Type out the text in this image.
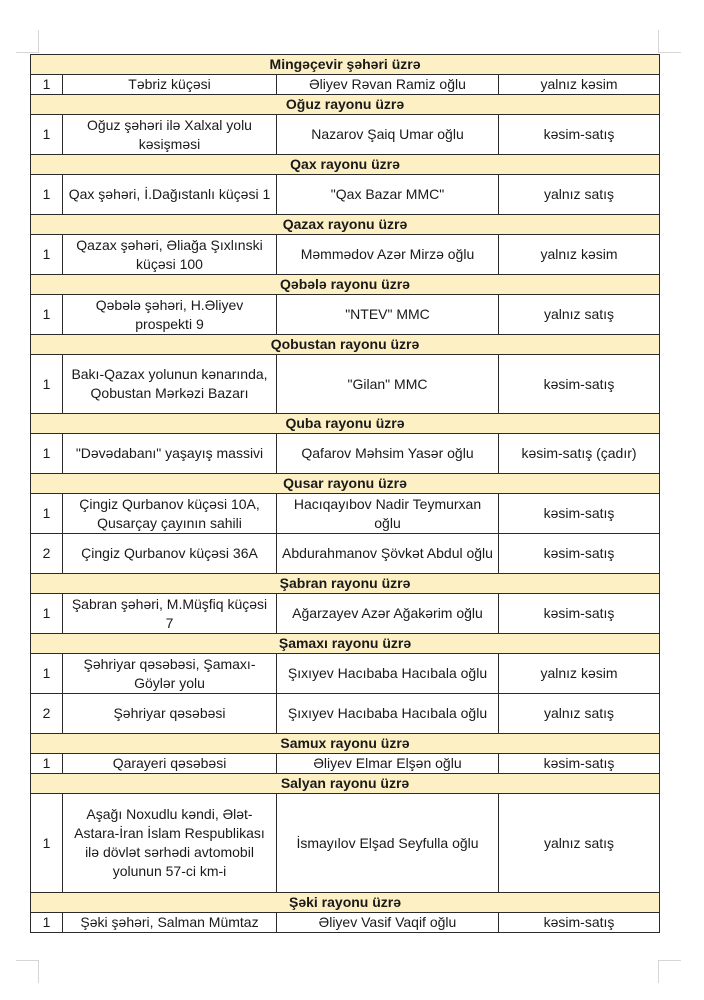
Mingəçevir şəhəri üzrə			
1	Təbriz küçəsi	Əliyev Rəvan Ramiz oğlu	yalnız kəsim
Oğuz rayonu üzrə			
1	Oğuz şəhəri ilə Xalxal yolu kəsişməsi	Nazarov Şaiq Umar oğlu	kəsim-satış
Qax rayonu üzrə			
1	Qax şəhəri, İ.Dağıstanlı küçəsi 1	"Qax Bazar MMC"	yalnız satış
Qazax rayonu üzrə			
1	Qazax şəhəri, Əliağa Şıxlınski küçəsi 100	Məmmədov Azər Mirzə oğlu	yalnız kəsim
Qəbələ rayonu üzrə			
1	Qəbələ şəhəri, H.Əliyev prospekti 9	"NTEV" MMC	yalnız satış
Qobustan rayonu üzrə			
1	Bakı-Qazax yolunun kənarında, Qobustan Mərkəzi Bazarı	"Gilan" MMC	kəsim-satış
Quba rayonu üzrə			
1	"Dəvədabanı" yaşayış massivi	Qafarov Məhsim Yasər oğlu	kəsim-satış (çadır)
Qusar rayonu üzrə			
1	Çingiz Qurbanov küçəsi 10A, Qusarçay çayının sahili	Hacıqayıbov Nadir Teymurxan oğlu	kəsim-satış
2	Çingiz Qurbanov küçəsi 36A	Abdurahmanov Şövkət Abdul oğlu	kəsim-satış
Şabran rayonu üzrə			
1	Şabran şəhəri, M.Müşfiq küçəsi 7	Ağarzayev Azər Ağakərim oğlu	kəsim-satış
Şamaxı rayonu üzrə			
1	Şəhriyar qəsəbəsi, Şamaxı-Göylər yolu	Şıxıyev Hacıbaba Hacıbala oğlu	yalnız kəsim
2	Şəhriyar qəsəbəsi	Şıxıyev Hacıbaba Hacıbala oğlu	yalnız satış
Samux rayonu üzrə			
1	Qarayeri qəsəbəsi	Əliyev Elmar Elşən oğlu	kəsim-satış
Salyan rayonu üzrə			
1	Aşağı Noxudlu kəndi, Ələt-Astara-İran İslam Respublikası ilə dövlət sərhədi avtomobil yolunun 57-ci km-i	İsmayılov Elşad Seyfulla oğlu	yalnız satış
Şəki rayonu üzrə			
1	Şəki şəhəri, Salman Mümtaz	Əliyev Vasif Vaqif oğlu	kəsim-satış
